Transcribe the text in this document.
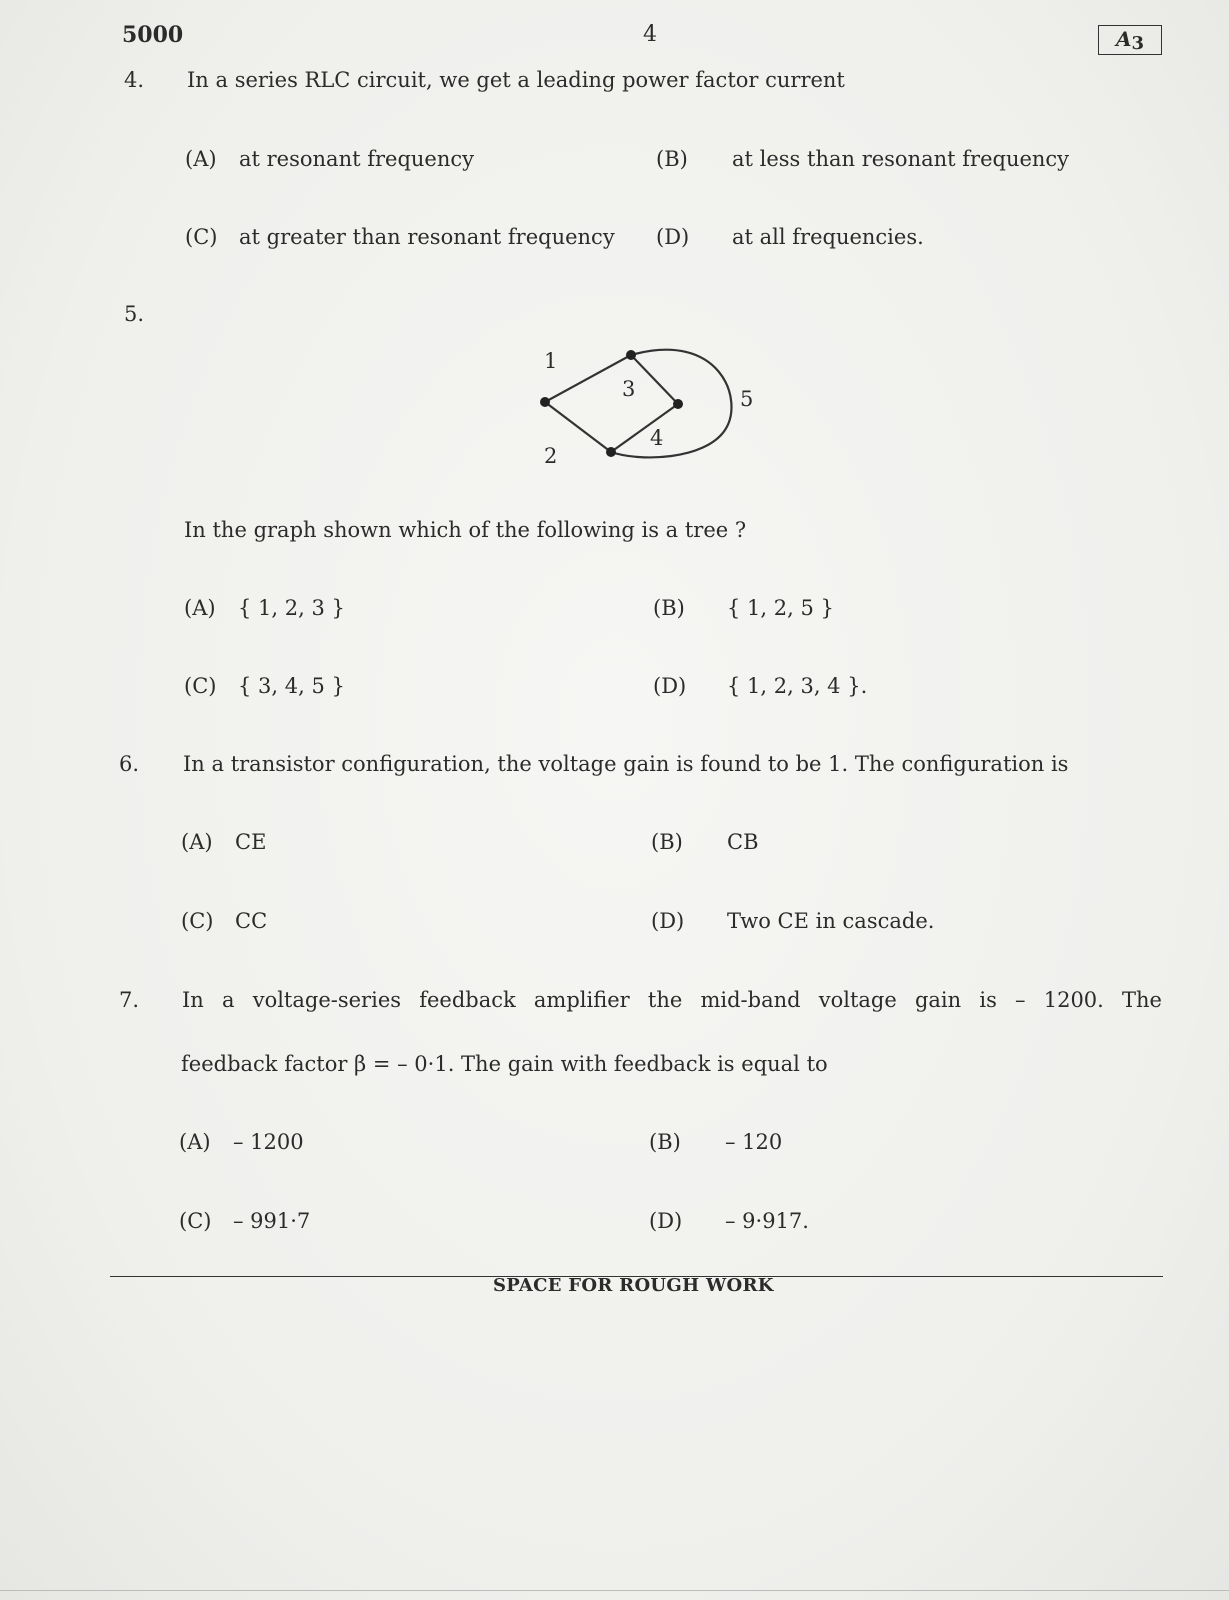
5000	4	A3
4. In a series RLC circuit, we get a leading power factor current
(A) at resonant frequency	(B) at less than resonant frequency
(C) at greater than resonant frequency (D) at all frequencies.
5.
1
2
3
4
5
In the graph shown which of the following is a tree ?
(A) { 1, 2, 3 }	(B) { 1, 2, 5 }
(C) { 3, 4, 5 }	(D) { 1, 2, 3, 4 }.
6. In a transistor configuration, the voltage gain is found to be 1. The configuration is
(A) CE	(B) CB
(C) CC	(D) Two CE in cascade.
7. In a voltage-series feedback amplifier the mid-band voltage gain is – 1200. The
feedback factor β = – 0·1. The gain with feedback is equal to
(A) – 1200	(B) – 120
(C) – 991·7	(D) – 9·917.
SPACE FOR ROUGH WORK
